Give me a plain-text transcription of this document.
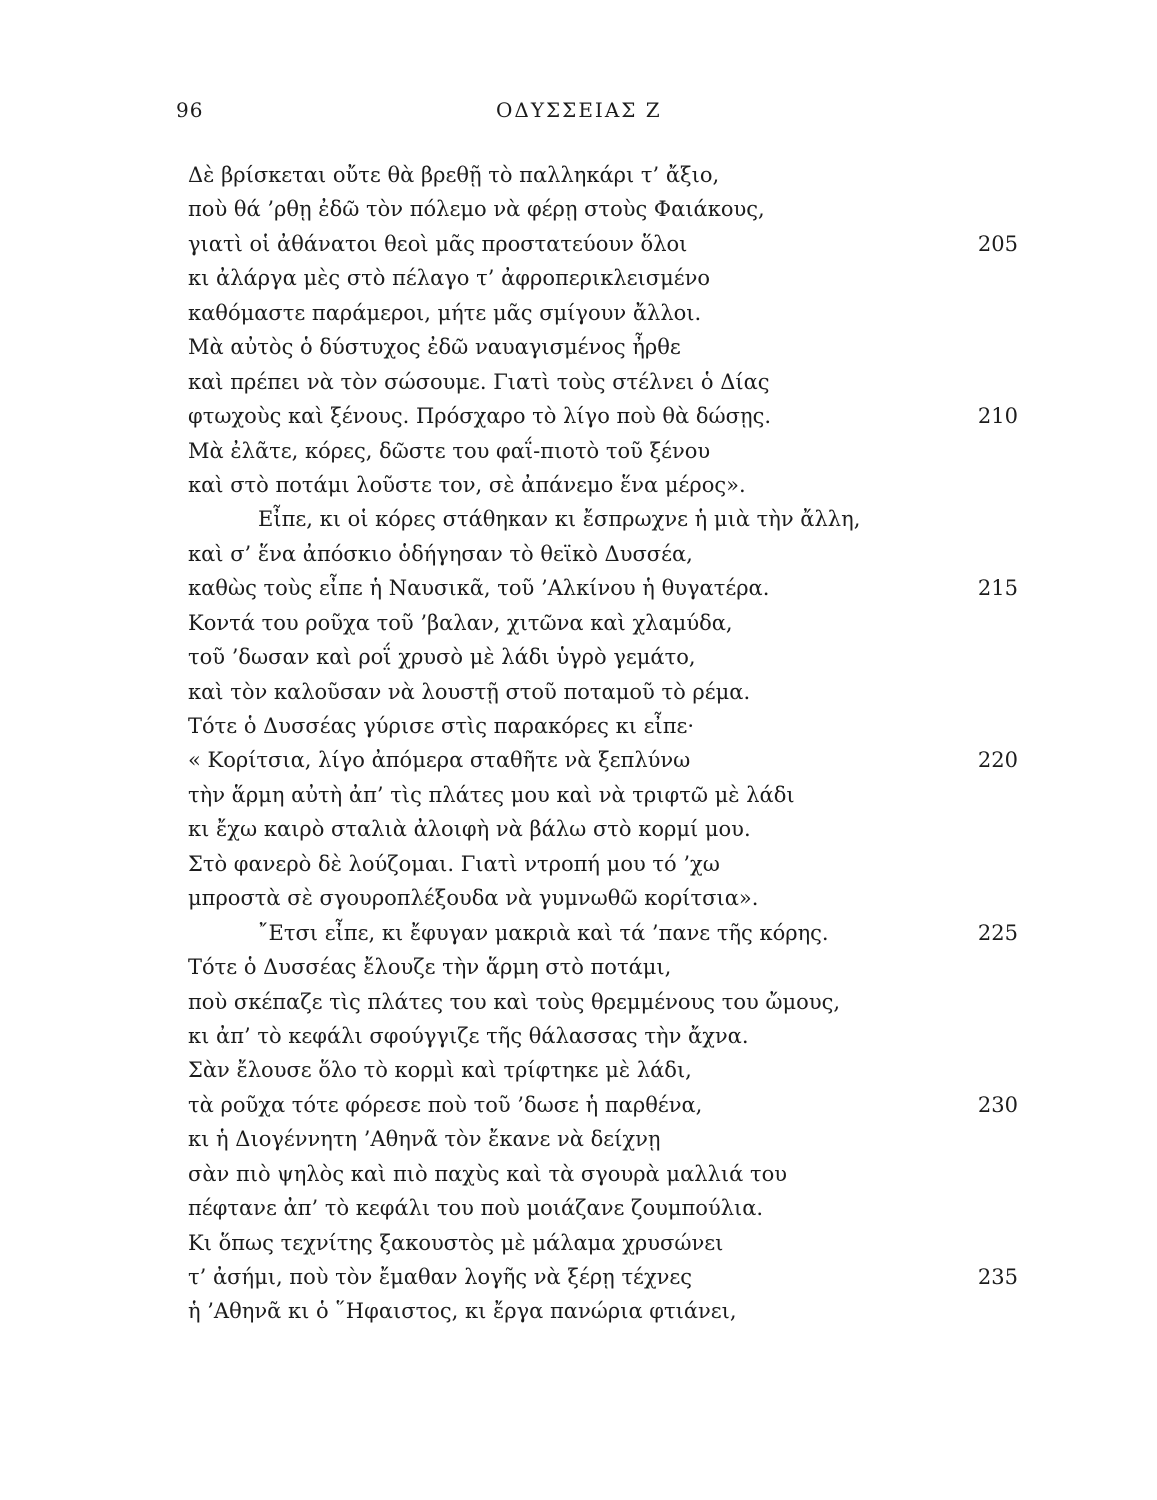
96	ΟΔΥΣΣΕΙΑΣ Ζ
Δὲ βρίσκεται οὔτε θὰ βρεθῇ τὸ παλληκάρι τ’ ἄξιο,
ποὺ θά ’ρθῃ ἐδῶ τὸν πόλεμο νὰ φέρῃ στοὺς Φαιάκους,
γιατὶ οἱ ἀθάνατοι θεοὶ μᾶς προστατεύουν ὅλοι	205
κι ἀλάργα μὲς στὸ πέλαγο τ’ ἀφροπερικλεισμένο
καθόμαστε παράμεροι, μήτε μᾶς σμίγουν ἄλλοι.
Μὰ αὐτὸς ὁ δύστυχος ἐδῶ ναυαγισμένος ἦρθε
καὶ πρέπει νὰ τὸν σώσουμε. Γιατὶ τοὺς στέλνει ὁ Δίας
φτωχοὺς καὶ ξένους. Πρόσχαρο τὸ λίγο ποὺ θὰ δώσῃς.	210
Μὰ ἐλᾶτε, κόρες, δῶστε του φαΐ-πιοτὸ τοῦ ξένου
καὶ στὸ ποτάμι λοῦστε τον, σὲ ἀπάνεμο ἕνα μέρος».
Εἶπε, κι οἱ κόρες στάθηκαν κι ἔσπρωχνε ἡ μιὰ τὴν ἄλλη,
καὶ σ’ ἕνα ἀπόσκιο ὁδήγησαν τὸ θεϊκὸ Δυσσέα,
καθὼς τοὺς εἶπε ἡ Ναυσικᾶ, τοῦ ’Αλκίνου ἡ θυγατέρα.	215
Κοντά του ροῦχα τοῦ ’βαλαν, χιτῶνα καὶ χλαμύδα,
τοῦ ’δωσαν καὶ ροΐ χρυσὸ μὲ λάδι ὑγρὸ γεμάτο,
καὶ τὸν καλοῦσαν νὰ λουστῇ στοῦ ποταμοῦ τὸ ρέμα.
Τότε ὁ Δυσσέας γύρισε στὶς παρακόρες κι εἶπε·
« Κορίτσια, λίγο ἀπόμερα σταθῆτε νὰ ξεπλύνω	220
τὴν ἅρμη αὐτὴ ἀπ’ τὶς πλάτες μου καὶ νὰ τριφτῶ μὲ λάδι
κι ἔχω καιρὸ σταλιὰ ἀλοιφὴ νὰ βάλω στὸ κορμί μου.
Στὸ φανερὸ δὲ λούζομαι. Γιατὶ ντροπή μου τό ’χω
μπροστὰ σὲ σγουροπλέξουδα νὰ γυμνωθῶ κορίτσια».
῎Ετσι εἶπε, κι ἔφυγαν μακριὰ καὶ τά ’πανε τῆς κόρης.	225
Τότε ὁ Δυσσέας ἔλουζε τὴν ἅρμη στὸ ποτάμι,
ποὺ σκέπαζε τὶς πλάτες του καὶ τοὺς θρεμμένους του ὤμους,
κι ἀπ’ τὸ κεφάλι σφούγγιζε τῆς θάλασσας τὴν ἄχνα.
Σὰν ἔλουσε ὅλο τὸ κορμὶ καὶ τρίφτηκε μὲ λάδι,
τὰ ροῦχα τότε φόρεσε ποὺ τοῦ ’δωσε ἡ παρθένα,	230
κι ἡ Διογέννητη ’Αθηνᾶ τὸν ἔκανε νὰ δείχνῃ
σὰν πιὸ ψηλὸς καὶ πιὸ παχὺς καὶ τὰ σγουρὰ μαλλιά του
πέφτανε ἀπ’ τὸ κεφάλι του ποὺ μοιάζανε ζουμπούλια.
Κι ὅπως τεχνίτης ξακουστὸς μὲ μάλαμα χρυσώνει
τ’ ἀσήμι, ποὺ τὸν ἔμαθαν λογῆς νὰ ξέρῃ τέχνες	235
ἡ ’Αθηνᾶ κι ὁ ῞Ηφαιστος, κι ἔργα πανώρια φτιάνει,
